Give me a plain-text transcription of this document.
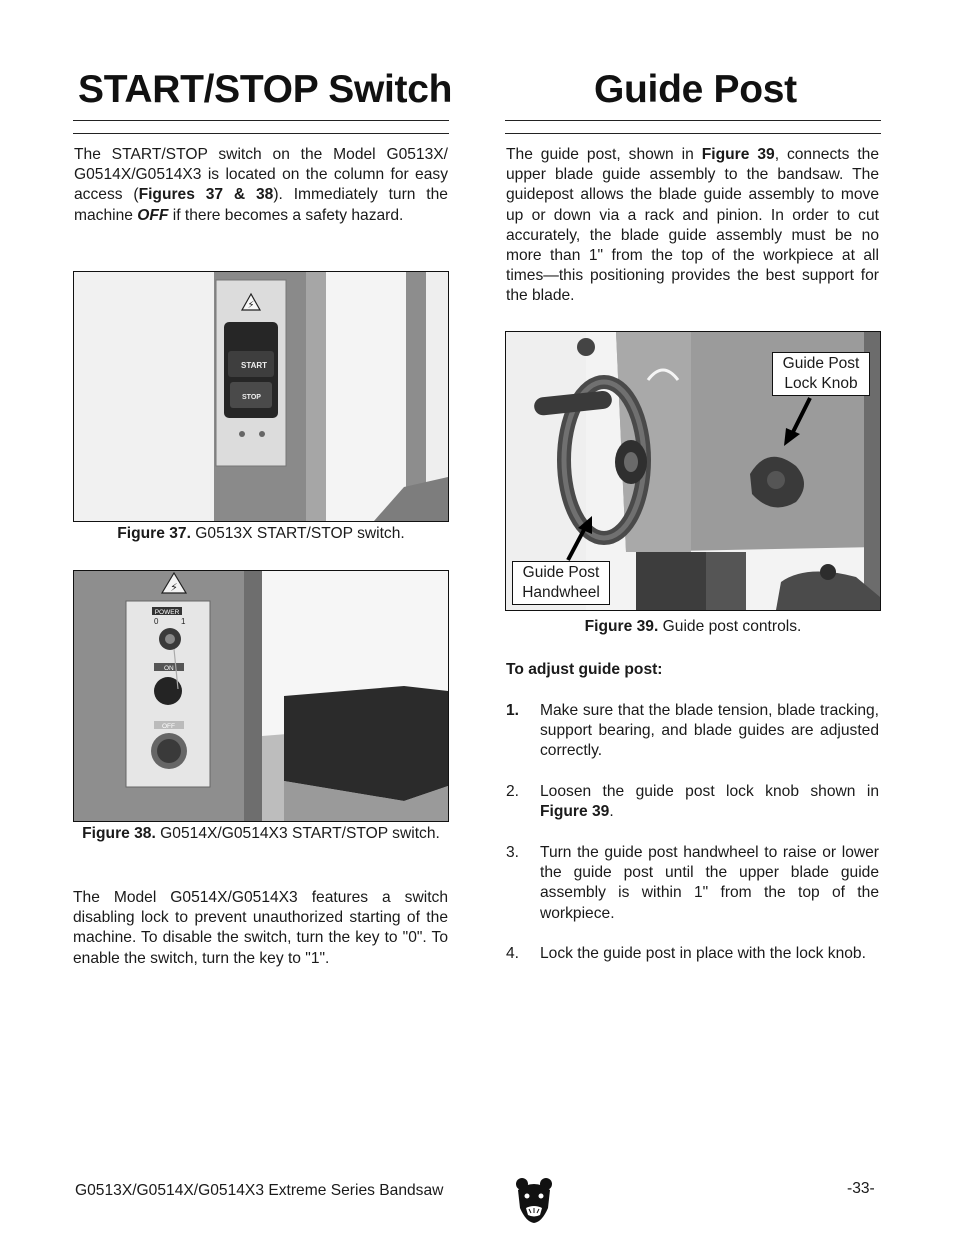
START/STOP Switch

The START/STOP switch on the Model G0513X/ G0514X/G0514X3 is located on the column for easy access (Figures 37 & 38). Immediately turn the machine OFF if there becomes a safety hazard.

⚡
START
STOP
Figure 37. G0513X START/STOP switch.
⚡
POWER
0	1
ON
OFF
Figure 38. G0514X/G0514X3 START/STOP switch.

The Model G0514X/G0514X3 features a switch disabling lock to prevent unauthorized starting of the machine. To disable the switch, turn the key to "0". To enable the switch, turn the key to "1".

Guide Post

The guide post, shown in Figure 39, connects the upper blade guide assembly to the bandsaw. The guidepost allows the blade guide assembly to move up or down via a rack and pinion. In order to cut accurately, the blade guide assembly must be no more than 1" from the top of the workpiece at all times—this positioning provides the best support for the blade.

Guide Post
Lock Knob
Guide Post
Handwheel
Figure 39. Guide post controls.
To adjust guide post:
1. Make sure that the blade tension, blade tracking, support bearing, and blade guides are adjusted correctly.
2. Loosen the guide post lock knob shown in Figure 39.
3. Turn the guide post handwheel to raise or lower the guide post until the upper blade guide assembly is within 1" from the top of the workpiece.
4. Lock the guide post in place with the lock knob.
G0513X/G0514X/G0514X3 Extreme Series Bandsaw	-33-
